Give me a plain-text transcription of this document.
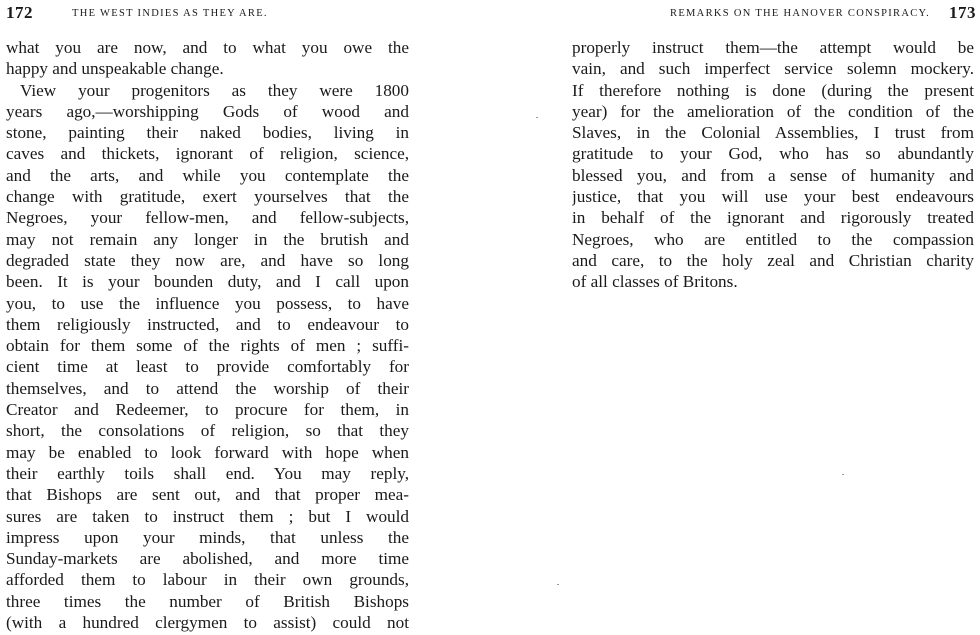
172	THE WEST INDIES AS THEY ARE.
what you are now, and to what you owe the
happy and unspeakable change.
View your progenitors as they were 1800
years ago,—worshipping Gods of wood and
stone, painting their naked bodies, living in
caves and thickets, ignorant of religion, science,
and the arts, and while you contemplate the
change with gratitude, exert yourselves that the
Negroes, your fellow-men, and fellow-subjects,
may not remain any longer in the brutish and
degraded state they now are, and have so long
been. It is your bounden duty, and I call upon
you, to use the influence you possess, to have
them religiously instructed, and to endeavour to
obtain for them some of the rights of men ; suffi-
cient time at least to provide comfortably for
themselves, and to attend the worship of their
Creator and Redeemer, to procure for them, in
short, the consolations of religion, so that they
may be enabled to look forward with hope when
their earthly toils shall end. You may reply,
that Bishops are sent out, and that proper mea-
sures are taken to instruct them ; but I would
impress upon your minds, that unless the
Sunday-markets are abolished, and more time
afforded them to labour in their own grounds,
three times the number of British Bishops
(with a hundred clergymen to assist) could not
REMARKS ON THE HANOVER CONSPIRACY. 173
properly instruct them—the attempt would be
vain, and such imperfect service solemn mockery.
If therefore nothing is done (during the present
year) for the amelioration of the condition of the
Slaves, in the Colonial Assemblies, I trust from
gratitude to your God, who has so abundantly
blessed you, and from a sense of humanity and
justice, that you will use your best endeavours
in behalf of the ignorant and rigorously treated
Negroes, who are entitled to the compassion
and care, to the holy zeal and Christian charity
of all classes of Britons.
